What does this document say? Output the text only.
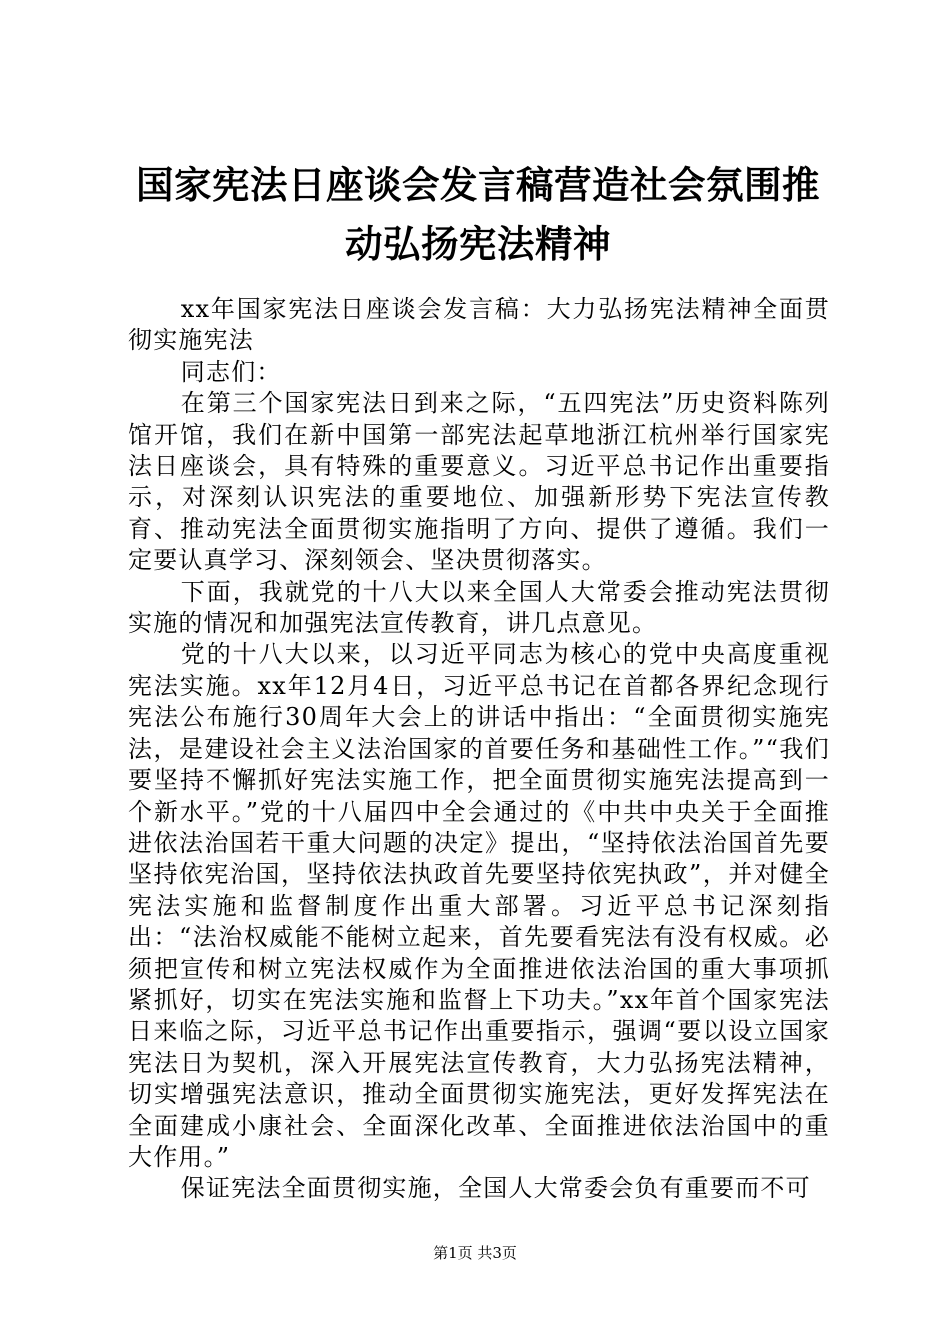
国家宪法日座谈会发言稿营造社会氛围推动弘扬宪法精神

xx年国家宪法日座谈会发言稿：大力弘扬宪法精神全面贯彻实施宪法

同志们：

在第三个国家宪法日到来之际，“五四宪法”历史资料陈列馆开馆，我们在新中国第一部宪法起草地浙江杭州举行国家宪法日座谈会，具有特殊的重要意义。习近平总书记作出重要指示，对深刻认识宪法的重要地位、加强新形势下宪法宣传教育、推动宪法全面贯彻实施指明了方向、提供了遵循。我们一定要认真学习、深刻领会、坚决贯彻落实。

下面，我就党的十八大以来全国人大常委会推动宪法贯彻实施的情况和加强宪法宣传教育，讲几点意见。

党的十八大以来，以习近平同志为核心的党中央高度重视宪法实施。xx年12月4日，习近平总书记在首都各界纪念现行宪法公布施行30周年大会上的讲话中指出：“全面贯彻实施宪法，是建设社会主义法治国家的首要任务和基础性工作。”“我们要坚持不懈抓好宪法实施工作，把全面贯彻实施宪法提高到一个新水平。”党的十八届四中全会通过的《中共中央关于全面推进依法治国若干重大问题的决定》提出，“坚持依法治国首先要坚持依宪治国，坚持依法执政首先要坚持依宪执政”，并对健全宪法实施和监督制度作出重大部署。习近平总书记深刻指出：“法治权威能不能树立起来，首先要看宪法有没有权威。必须把宣传和树立宪法权威作为全面推进依法治国的重大事项抓紧抓好，切实在宪法实施和监督上下功夫。”xx年首个国家宪法日来临之际，习近平总书记作出重要指示，强调“要以设立国家宪法日为契机，深入开展宪法宣传教育，大力弘扬宪法精神，切实增强宪法意识，推动全面贯彻实施宪法，更好发挥宪法在全面建成小康社会、全面深化改革、全面推进依法治国中的重大作用。”

保证宪法全面贯彻实施，全国人大常委会负有重要而不可

第1页 共3页
